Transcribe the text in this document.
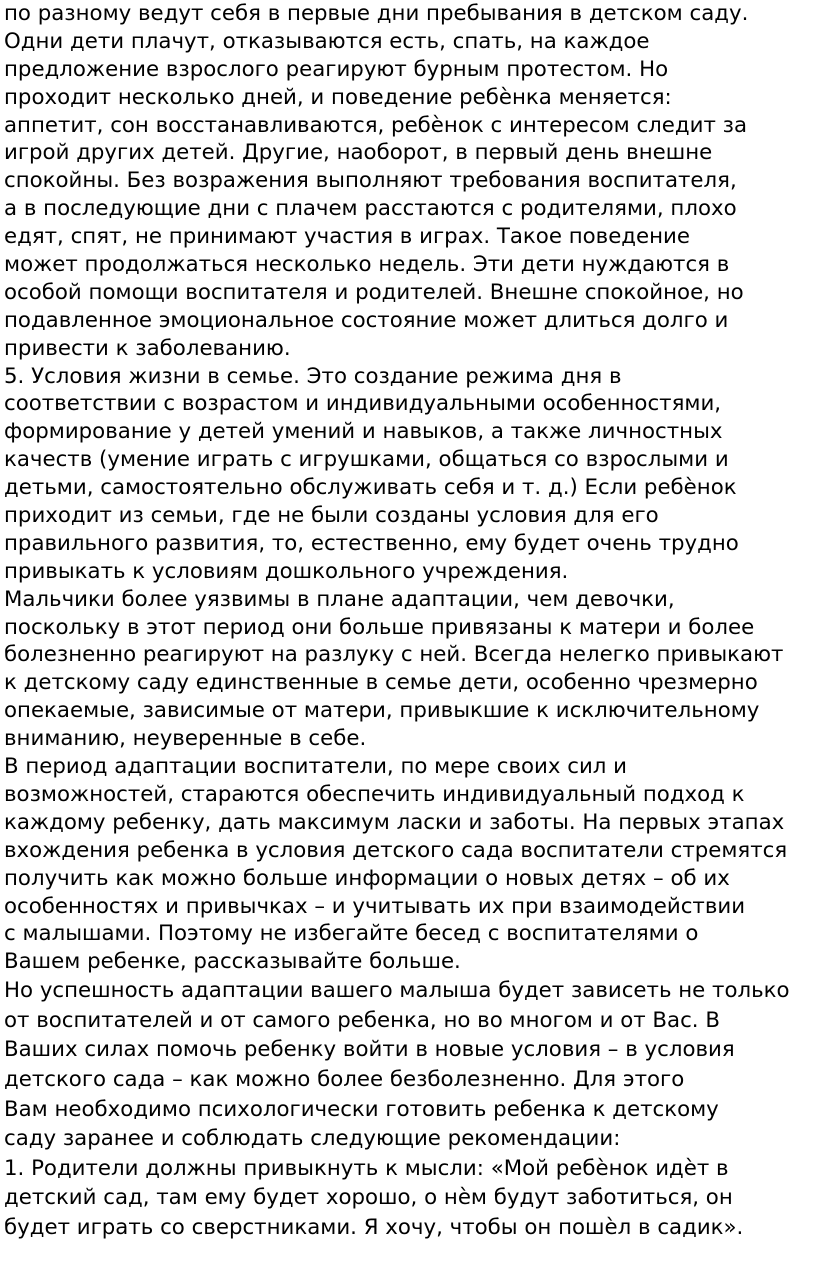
по разному ведут себя в первые дни пребывания в детском саду.
Одни дети плачут, отказываются есть, спать, на каждое
предложение взрослого реагируют бурным протестом. Но
проходит несколько дней, и поведение ребѐнка меняется:
аппетит, сон восстанавливаются, ребѐнок с интересом следит за
игрой других детей. Другие, наоборот, в первый день внешне
спокойны. Без возражения выполняют требования воспитателя,
а в последующие дни с плачем расстаются с родителями, плохо
едят, спят, не принимают участия в играх. Такое поведение
может продолжаться несколько недель. Эти дети нуждаются в
особой помощи воспитателя и родителей. Внешне спокойное, но
подавленное эмоциональное состояние может длиться долго и
привести к заболеванию.
5. Условия жизни в семье. Это создание режима дня в
соответствии с возрастом и индивидуальными особенностями,
формирование у детей умений и навыков, а также личностных
качеств (умение играть с игрушками, общаться со взрослыми и
детьми, самостоятельно обслуживать себя и т. д.) Если ребѐнок
приходит из семьи, где не были созданы условия для его
правильного развития, то, естественно, ему будет очень трудно
привыкать к условиям дошкольного учреждения.
Мальчики более уязвимы в плане адаптации, чем девочки,
поскольку в этот период они больше привязаны к матери и более
болезненно реагируют на разлуку с ней. Всегда нелегко привыкают
к детскому саду единственные в семье дети, особенно чрезмерно
опекаемые, зависимые от матери, привыкшие к исключительному
вниманию, неуверенные в себе.
В период адаптации воспитатели, по мере своих сил и
возможностей, стараются обеспечить индивидуальный подход к
каждому ребенку, дать максимум ласки и заботы. На первых этапах
вхождения ребенка в условия детского сада воспитатели стремятся
получить как можно больше информации о новых детях – об их
особенностях и привычках – и учитывать их при взаимодействии
с малышами. Поэтому не избегайте бесед с воспитателями о
Вашем ребенке, рассказывайте больше.
Но успешность адаптации вашего малыша будет зависеть не только
от воспитателей и от самого ребенка, но во многом и от Вас. В
Ваших силах помочь ребенку войти в новые условия – в условия
детского сада – как можно более безболезненно. Для этого
Вам необходимо психологически готовить ребенка к детскому
саду заранее и соблюдать следующие рекомендации:
1. Родители должны привыкнуть к мысли: «Мой ребѐнок идѐт в
детский сад, там ему будет хорошо, о нѐм будут заботиться, он
будет играть со сверстниками. Я хочу, чтобы он пошѐл в садик».
